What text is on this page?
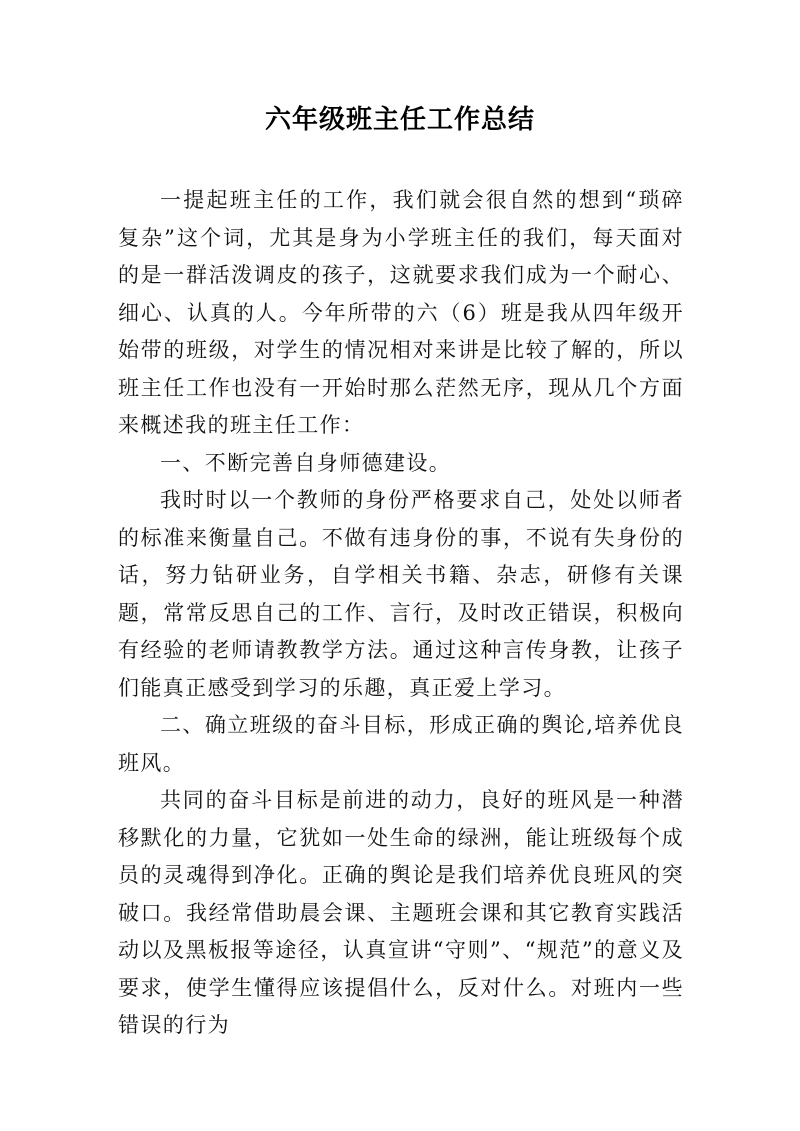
六年级班主任工作总结

一提起班主任的工作，我们就会很自然的想到“琐碎复杂”这个词，尤其是身为小学班主任的我们，每天面对的是一群活泼调皮的孩子，这就要求我们成为一个耐心、细心、认真的人。今年所带的六（6）班是我从四年级开始带的班级，对学生的情况相对来讲是比较了解的，所以班主任工作也没有一开始时那么茫然无序，现从几个方面来概述我的班主任工作：

一、不断完善自身师德建设。

我时时以一个教师的身份严格要求自己，处处以师者的标准来衡量自己。不做有违身份的事，不说有失身份的话，努力钻研业务，自学相关书籍、杂志，研修有关课题，常常反思自己的工作、言行，及时改正错误，积极向有经验的老师请教教学方法。通过这种言传身教，让孩子们能真正感受到学习的乐趣，真正爱上学习。

二、确立班级的奋斗目标，形成正确的舆论,培养优良班风。

共同的奋斗目标是前进的动力，良好的班风是一种潜移默化的力量，它犹如一处生命的绿洲，能让班级每个成员的灵魂得到净化。正确的舆论是我们培养优良班风的突破口。我经常借助晨会课、主题班会课和其它教育实践活动以及黑板报等途径，认真宣讲“守则”、“规范”的意义及要求，使学生懂得应该提倡什么，反对什么。对班内一些错误的行为
